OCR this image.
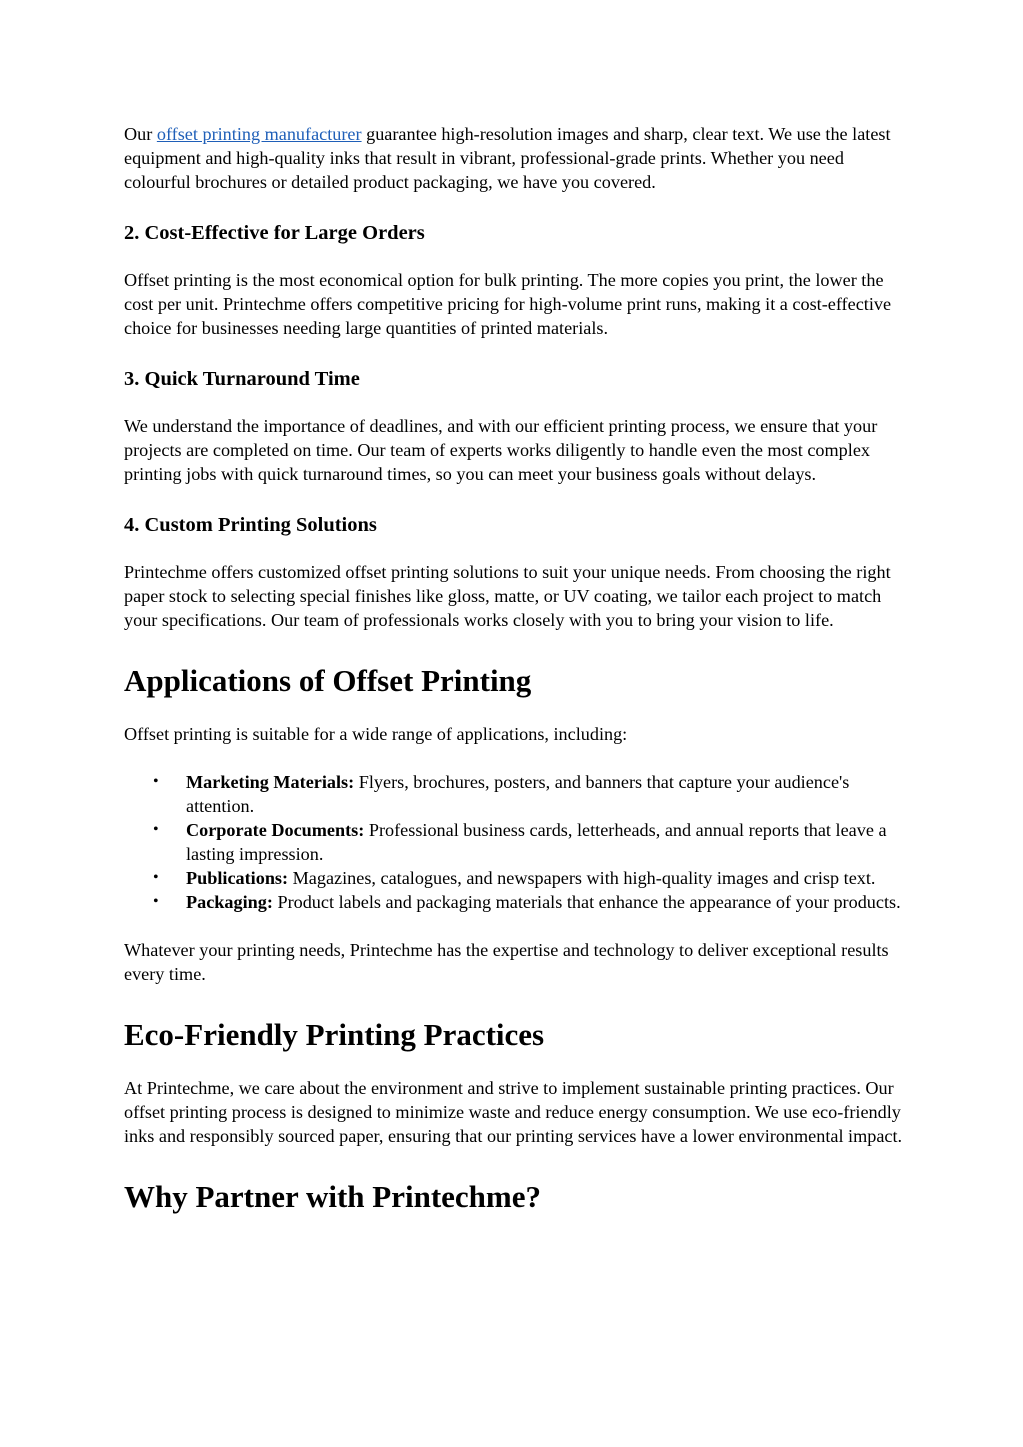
Our offset printing manufacturer guarantee high-resolution images and sharp, clear text. We use the latest equipment and high-quality inks that result in vibrant, professional-grade prints. Whether you need colourful brochures or detailed product packaging, we have you covered.

2. Cost-Effective for Large Orders

Offset printing is the most economical option for bulk printing. The more copies you print, the lower the cost per unit. Printechme offers competitive pricing for high-volume print runs, making it a cost-effective choice for businesses needing large quantities of printed materials.

3. Quick Turnaround Time

We understand the importance of deadlines, and with our efficient printing process, we ensure that your projects are completed on time. Our team of experts works diligently to handle even the most complex printing jobs with quick turnaround times, so you can meet your business goals without delays.

4. Custom Printing Solutions

Printechme offers customized offset printing solutions to suit your unique needs. From choosing the right paper stock to selecting special finishes like gloss, matte, or UV coating, we tailor each project to match your specifications. Our team of professionals works closely with you to bring your vision to life.

Applications of Offset Printing

Offset printing is suitable for a wide range of applications, including:

• Marketing Materials: Flyers, brochures, posters, and banners that capture your audience's attention.
• Corporate Documents: Professional business cards, letterheads, and annual reports that leave a lasting impression.
• Publications: Magazines, catalogues, and newspapers with high-quality images and crisp text.
• Packaging: Product labels and packaging materials that enhance the appearance of your products.

Whatever your printing needs, Printechme has the expertise and technology to deliver exceptional results every time.

Eco-Friendly Printing Practices

At Printechme, we care about the environment and strive to implement sustainable printing practices. Our offset printing process is designed to minimize waste and reduce energy consumption. We use eco-friendly inks and responsibly sourced paper, ensuring that our printing services have a lower environmental impact.

Why Partner with Printechme?
